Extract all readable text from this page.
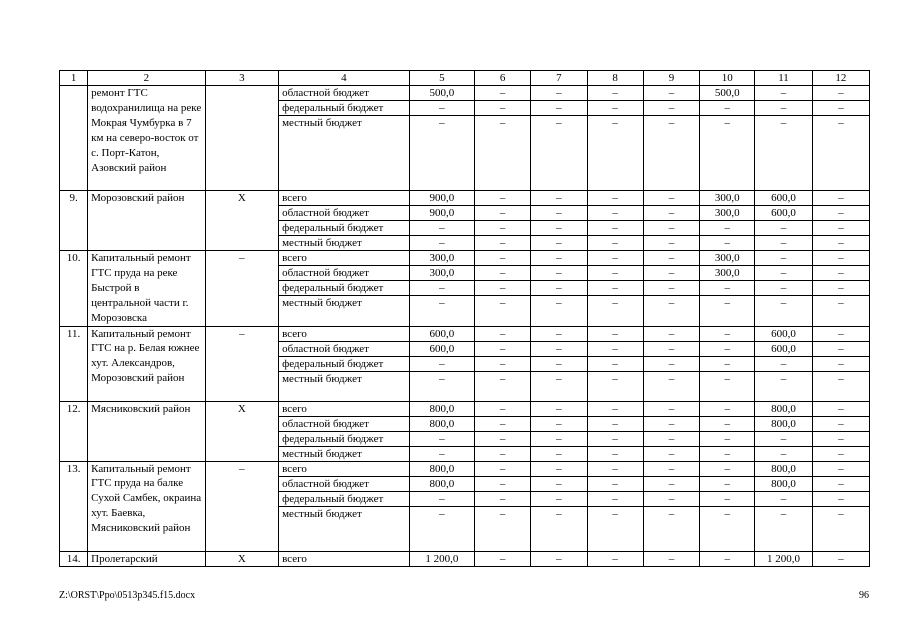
1	2	3	4	5	6	7	8	9	10	11	12
	ремонт ГТС водохранилища на реке Мокрая Чумбурка в 7 км на северо-восток от с. Порт-Катон, Азовский район		областной бюджет	500,0	–	–	–	–	500,0	–	–
			федеральный бюджет	–	–	–	–	–	–	–	–
			местный бюджет	–	–	–	–	–	–	–	–
9.	Морозовский район	X	всего	900,0	–	–	–	–	300,0	600,0	–
			областной бюджет	900,0	–	–	–	–	300,0	600,0	–
			федеральный бюджет	–	–	–	–	–	–	–	–
			местный бюджет	–	–	–	–	–	–	–	–
10.	Капитальный ремонт ГТС пруда на реке Быстрой в центральной части г. Морозовска	–	всего	300,0	–	–	–	–	300,0	–	–
			областной бюджет	300,0	–	–	–	–	300,0	–	–
			федеральный бюджет	–	–	–	–	–	–	–	–
			местный бюджет	–	–	–	–	–	–	–	–
11.	Капитальный ремонт ГТС на р. Белая южнее хут. Александров, Морозовский район	–	всего	600,0	–	–	–	–	–	600,0	–
			областной бюджет	600,0	–	–	–	–	–	600,0	–
			федеральный бюджет	–	–	–	–	–	–	–	–
			местный бюджет	–	–	–	–	–	–	–	–
12.	Мясниковский район	X	всего	800,0	–	–	–	–	–	800,0	–
			областной бюджет	800,0	–	–	–	–	–	800,0	–
			федеральный бюджет	–	–	–	–	–	–	–	–
			местный бюджет	–	–	–	–	–	–	–	–
13.	Капитальный ремонт ГТС пруда на балке Сухой Самбек, окраина хут. Баевка, Мясниковский район	–	всего	800,0	–	–	–	–	–	800,0	–
			областной бюджет	800,0	–	–	–	–	–	800,0	–
			федеральный бюджет	–	–	–	–	–	–	–	–
			местный бюджет	–	–	–	–	–	–	–	–
14.	Пролетарский	X	всего	1 200,0	–	–	–	–	–	1 200,0	–
Z:\ORST\Ppo\0513p345.f15.docx	96
